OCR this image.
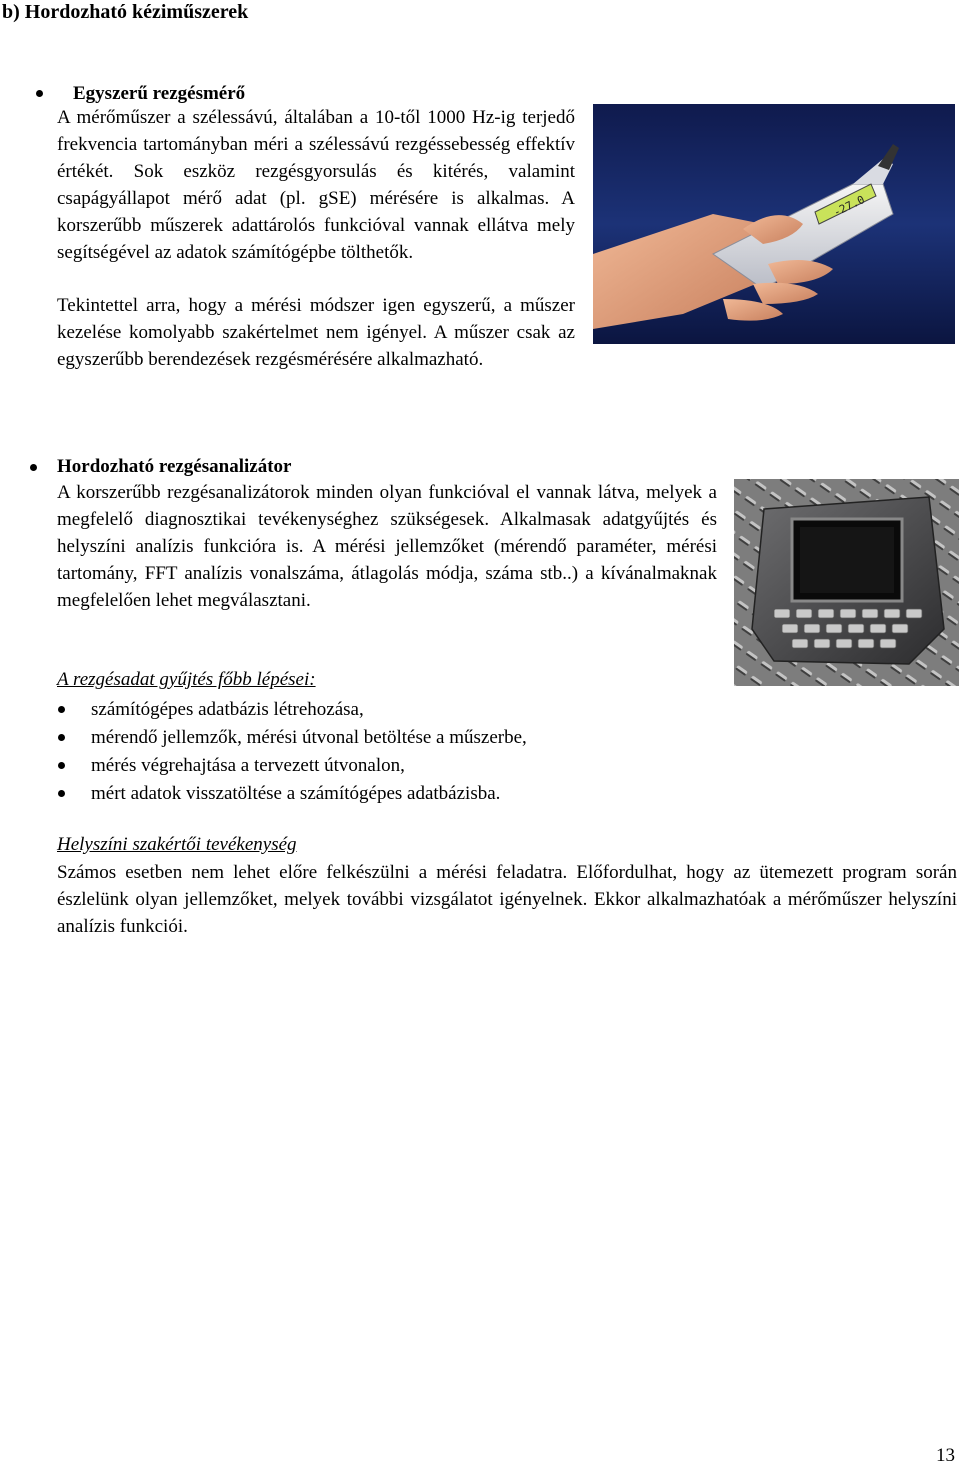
b) Hordozható kéziműszerek

Egyszerű rezgésmérő

A mérőműszer a szélessávú, általában a 10-től 1000 Hz-ig terjedő frekvencia tartományban méri a szélessávú rezgéssebesség effektív értékét. Sok eszköz rezgésgyorsulás és kitérés, valamint csapágyállapot mérő adat (pl. gSE) mérésére is alkalmas. A korszerűbb műszerek adattárolós funkcióval vannak ellátva mely segítségével az adatok számítógépbe tölthetők.

Tekintettel arra, hogy a mérési módszer igen egyszerű, a műszer kezelése komolyabb szakértelmet nem igényel. A műszer csak az egyszerűbb berendezések rezgésmérésére alkalmazható.

-27.0

Hordozható rezgésanalizátor

A korszerűbb rezgésanalizátorok minden olyan funkcióval el vannak látva, melyek a megfelelő diagnosztikai tevékenységhez szükségesek. Alkalmasak adatgyűjtés és helyszíni analízis funkcióra is. A mérési jellemzőket (mérendő paraméter, mérési tartomány, FFT analízis vonalszáma, átlagolás módja, száma stb..) a kívánalmaknak megfelelően lehet megválasztani.

A rezgésadat gyűjtés főbb lépései:

számítógépes adatbázis létrehozása,

mérendő jellemzők, mérési útvonal betöltése a műszerbe,

mérés végrehajtása a tervezett útvonalon,

mért adatok visszatöltése a számítógépes adatbázisba.

Helyszíni szakértői tevékenység

Számos esetben nem lehet előre felkészülni a mérési feladatra. Előfordulhat, hogy az ütemezett program során észlelünk olyan jellemzőket, melyek további vizsgálatot igényelnek. Ekkor alkalmazhatóak a mérőműszer helyszíni analízis funkciói.

13
